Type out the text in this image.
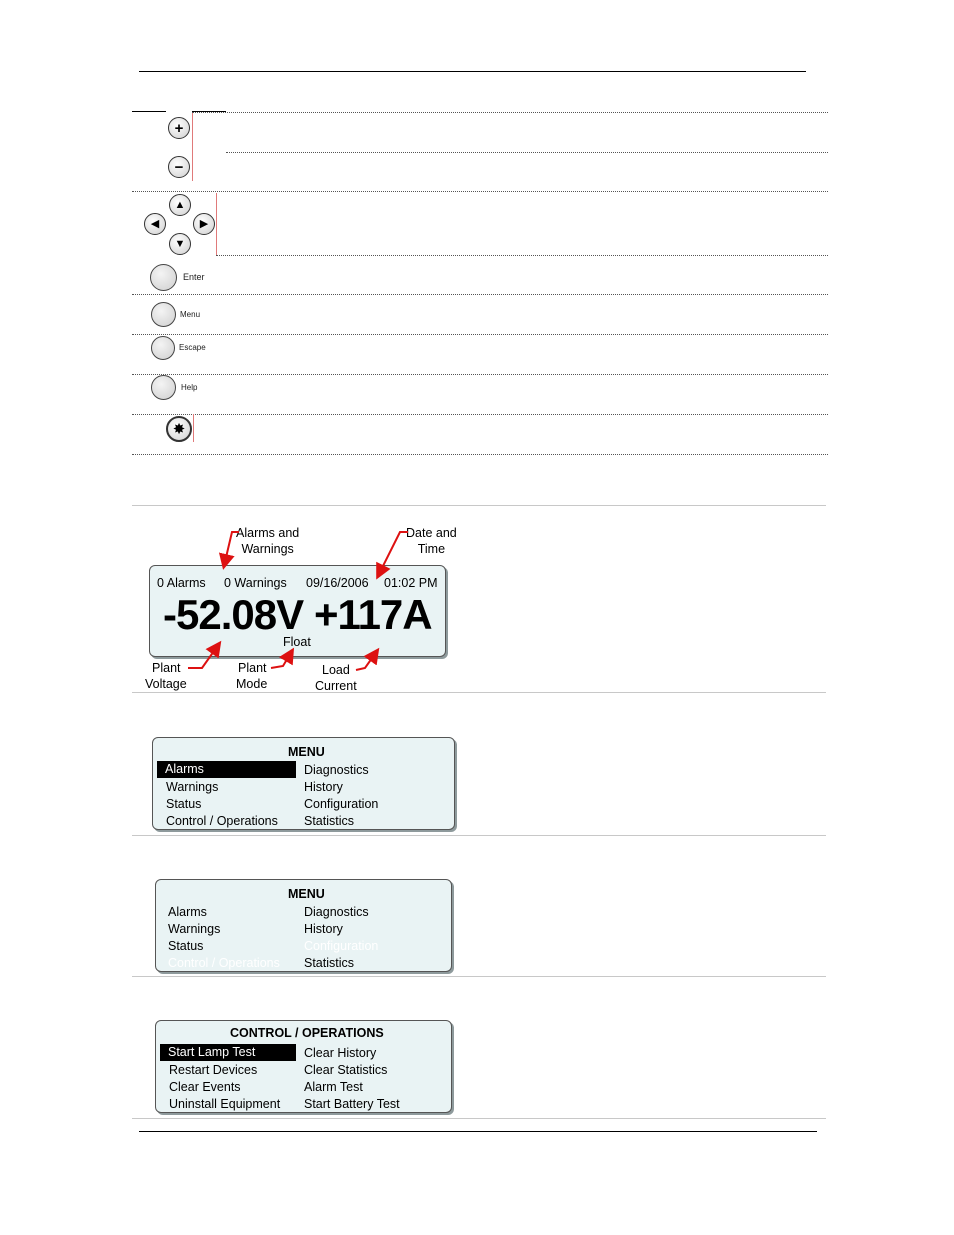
+
−
▲
◀	▶
▼
Enter
Menu
Escape
Help
✸
Alarms and
Warnings
Date and
Time
0 Alarms 0 Warnings 09/16/2006 01:02 PM
-52.08V +117A
Float
Plant
Voltage
Plant
Mode
Load
Current
MENU
Alarms
Warnings
Status
Control / Operations
Diagnostics
History
Configuration
Statistics
MENU
Alarms
Warnings
Status
Control / Operations
Diagnostics
History
Configuration
Statistics
CONTROL / OPERATIONS
Start Lamp Test
Restart Devices
Clear Events
Uninstall Equipment
Clear History
Clear Statistics
Alarm Test
Start Battery Test
